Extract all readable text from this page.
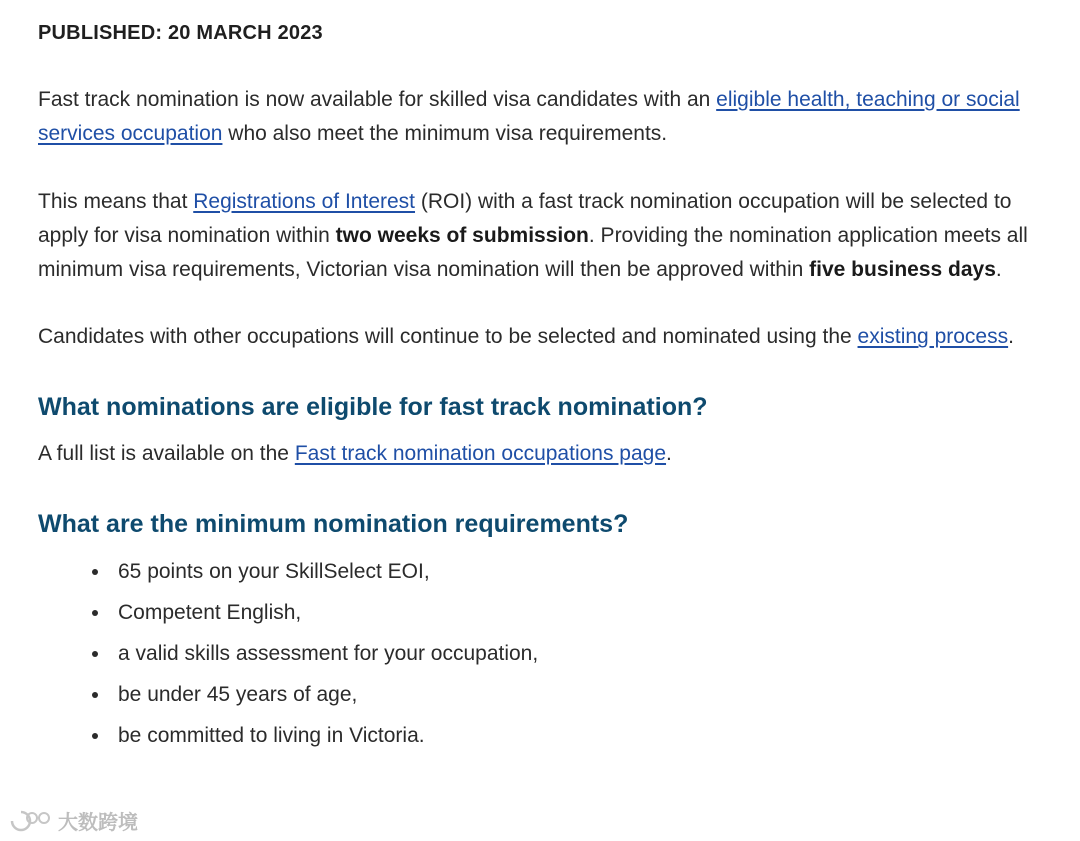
PUBLISHED: 20 MARCH 2023

Fast track nomination is now available for skilled visa candidates with an eligible health, teaching or social services occupation who also meet the minimum visa requirements.

This means that Registrations of Interest (ROI) with a fast track nomination occupation will be selected to apply for visa nomination within two weeks of submission. Providing the nomination application meets all minimum visa requirements, Victorian visa nomination will then be approved within five business days.

Candidates with other occupations will continue to be selected and nominated using the existing process.

What nominations are eligible for fast track nomination?

A full list is available on the Fast track nomination occupations page.

What are the minimum nomination requirements?
65 points on your SkillSelect EOI,
Competent English,
a valid skills assessment for your occupation,
be under 45 years of age,
be committed to living in Victoria.
大数跨境
